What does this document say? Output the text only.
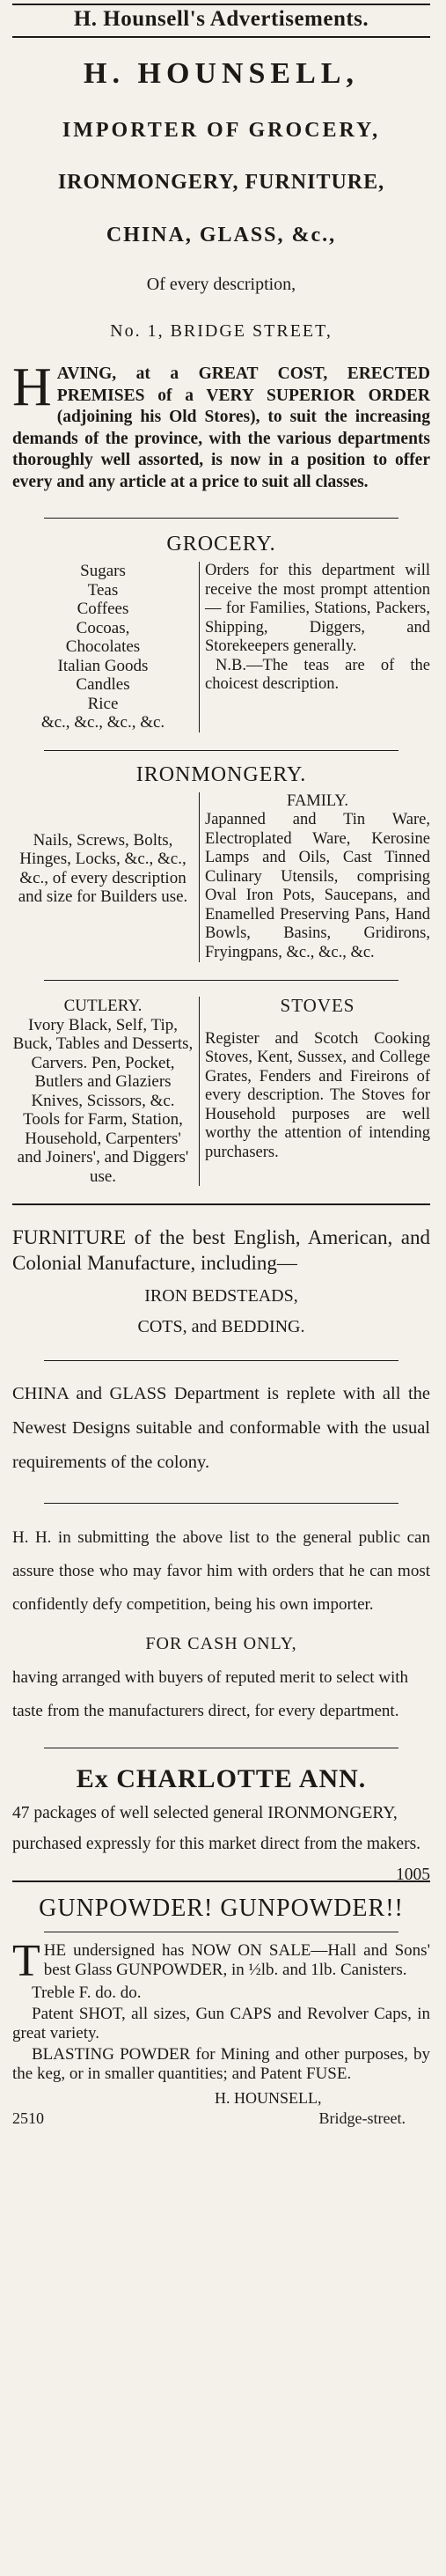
H. Hounsell's Advertisements.
H. HOUNSELL,
IMPORTER OF GROCERY,
IRONMONGERY, FURNITURE,
CHINA, GLASS, &c.,
Of every description,
No. 1, BRIDGE STREET,
HAVING, at a GREAT COST, ERECTED PREMISES of a VERY SUPERIOR ORDER (adjoining his Old Stores), to suit the increasing demands of the province, with the various departments thoroughly well assorted, is now in a position to offer every and any article at a price to suit all classes.
GROCERY.
Sugars
Teas
Coffees
Cocoas,
Chocolates
Italian Goods
Candles
Rice
&c., &c., &c., &c.
Orders for this department will receive the most prompt attention — for Families, Stations, Packers, Shipping, Diggers, and Storekeepers generally.
N.B.—The teas are of the choicest description.
IRONMONGERY.
Nails, Screws, Bolts, Hinges, Locks, &c., &c., &c., of every description and size for Builders use.
FAMILY.
Japanned and Tin Ware, Electroplated Ware, Kerosine Lamps and Oils, Cast Tinned Culinary Utensils, comprising Oval Iron Pots, Saucepans, and Enamelled Preserving Pans, Hand Bowls, Basins, Gridirons, Fryingpans, &c., &c., &c.
CUTLERY.
Ivory Black, Self, Tip, Buck, Tables and Desserts, Carvers. Pen, Pocket, Butlers and Glaziers Knives, Scissors, &c. Tools for Farm, Station, Household, Carpenters' and Joiners', and Diggers' use.
STOVES
Register and Scotch Cooking Stoves, Kent, Sussex, and College Grates, Fenders and Fireirons of every description. The Stoves for Household purposes are well worthy the attention of intending purchasers.
FURNITURE of the best English, American, and Colonial Manufacture, including—
IRON BEDSTEADS,
COTS, and BEDDING.
CHINA and GLASS Department is replete with all the Newest Designs suitable and conformable with the usual requirements of the colony.
H. H. in submitting the above list to the general public can assure those who may favor him with orders that he can most confidently defy competition, being his own importer.
FOR CASH ONLY,
having arranged with buyers of reputed merit to select with taste from the manufacturers direct, for every department.
Ex CHARLOTTE ANN.
47 packages of well selected general IRONMONGERY, purchased expressly for this market direct from the makers.
1005
GUNPOWDER! GUNPOWDER!!
THE undersigned has NOW ON SALE—Hall and Sons' best Glass GUNPOWDER, in ½lb. and 1lb. Canisters.
Treble F. do. do.
Patent SHOT, all sizes, Gun CAPS and Revolver Caps, in great variety.
BLASTING POWDER for Mining and other purposes, by the keg, or in smaller quantities; and Patent FUSE.
H. HOUNSELL,
2510	Bridge-street.
